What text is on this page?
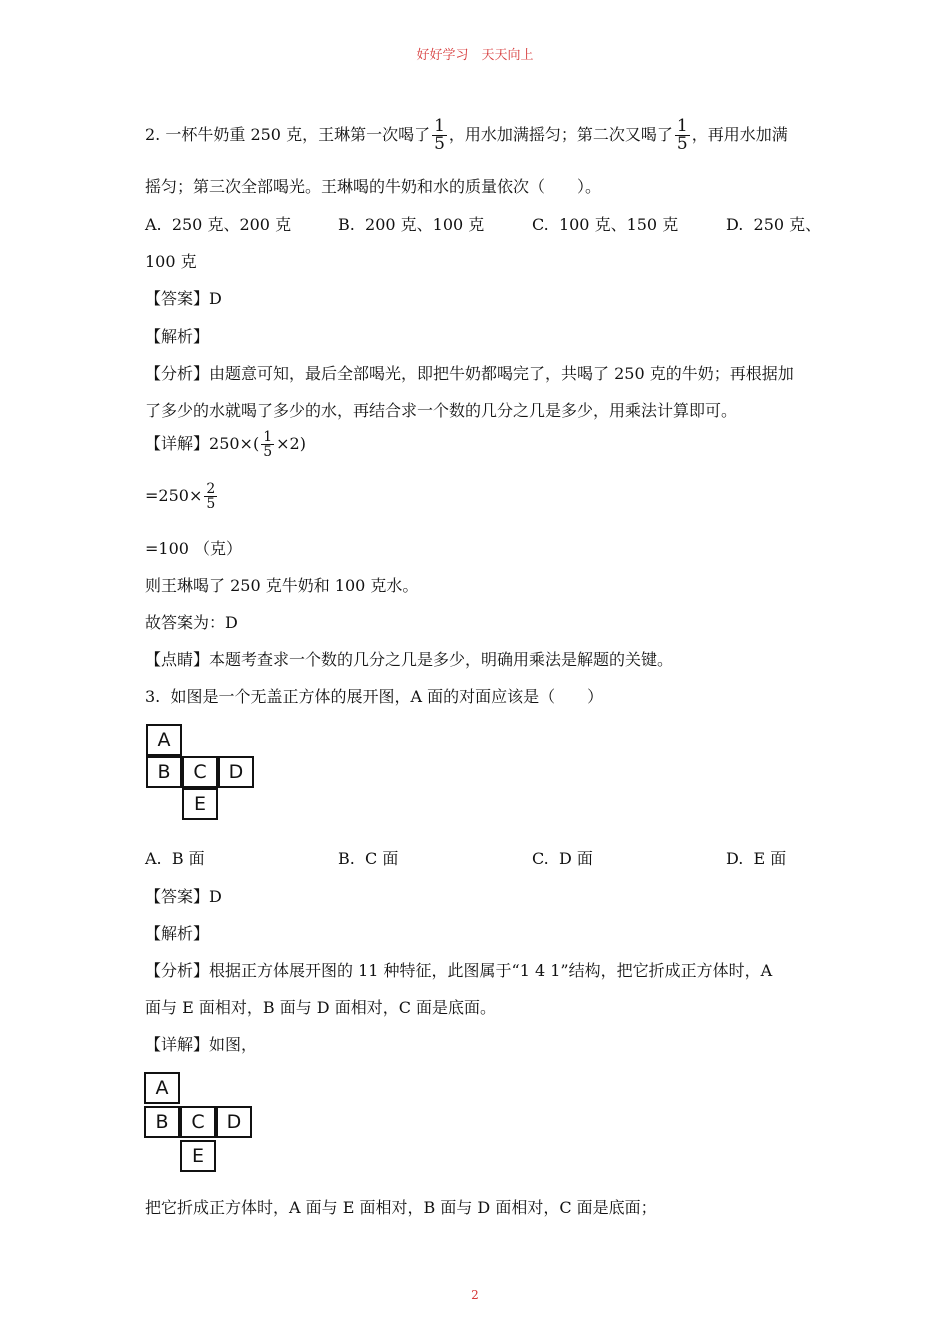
好好学习　天天向上
2. 一杯牛奶重 250 克，王琳第一次喝了 $\frac{1}{5}$ ，用水加满摇匀；第二次又喝了 $\frac{1}{5}$ ，再用水加满
摇匀；第三次全部喝光。王琳喝的牛奶和水的质量依次（　　）。
A. 250 克、200 克	B. 200 克、100 克	C. 100 克、150 克	D. 250 克、
100 克
【答案】D
【解析】
【分析】由题意可知，最后全部喝光，即把牛奶都喝完了，共喝了 250 克的牛奶；再根据加
了多少的水就喝了多少的水，再结合求一个数的几分之几是多少，用乘法计算即可。
【详解】$250\times( \frac{1}{5} \times 2)$
$=250\times \frac{2}{5}$
=100 （克）
则王琳喝了 250 克牛奶和 100 克水。
故答案为：D
【点睛】本题考查求一个数的几分之几是多少，明确用乘法是解题的关键。
3. 如图是一个无盖正方体的展开图，A 面的对面应该是（　　）
A
B	C	D
E
A. B 面	B. C 面	C. D 面	D. E 面
【答案】D
【解析】
【分析】根据正方体展开图的 11 种特征，此图属于“1 4 1”结构，把它折成正方体时，A
面与 E 面相对，B 面与 D 面相对，C 面是底面。
【详解】如图，
A
B	C	D
E
把它折成正方体时，A 面与 E 面相对，B 面与 D 面相对，C 面是底面；
2
